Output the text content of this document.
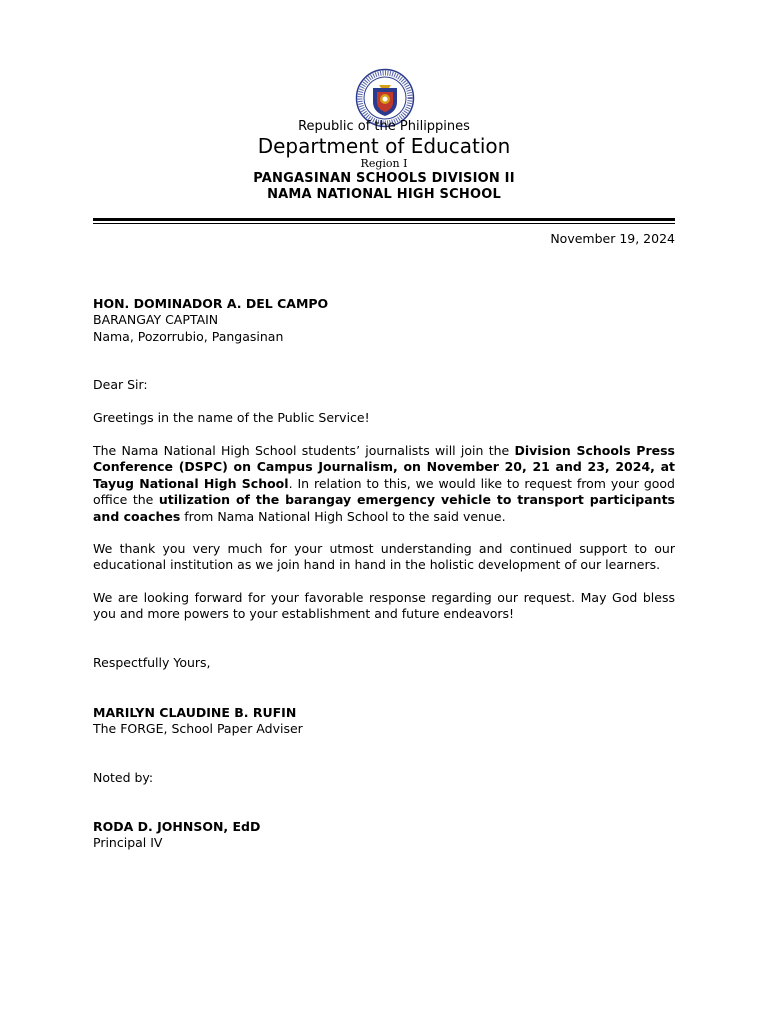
Republic of the Philippines
Department of Education
Region I
PANGASINAN SCHOOLS DIVISION II
NAMA NATIONAL HIGH SCHOOL
November 19, 2024
HON. DOMINADOR A. DEL CAMPO
BARANGAY CAPTAIN
Nama, Pozorrubio, Pangasinan
Dear Sir:
Greetings in the name of the Public Service!
The Nama National High School students’ journalists will join the Division Schools Press Conference (DSPC) on Campus Journalism, on November 20, 21 and 23, 2024, at Tayug National High School. In relation to this, we would like to request from your good office the utilization of the barangay emergency vehicle to transport participants and coaches from Nama National High School to the said venue.
We thank you very much for your utmost understanding and continued support to our educational institution as we join hand in hand in the holistic development of our learners.
We are looking forward for your favorable response regarding our request. May God bless you and more powers to your establishment and future endeavors!
Respectfully Yours,
MARILYN CLAUDINE B. RUFIN
The FORGE, School Paper Adviser
Noted by:
RODA D. JOHNSON, EdD
Principal IV
